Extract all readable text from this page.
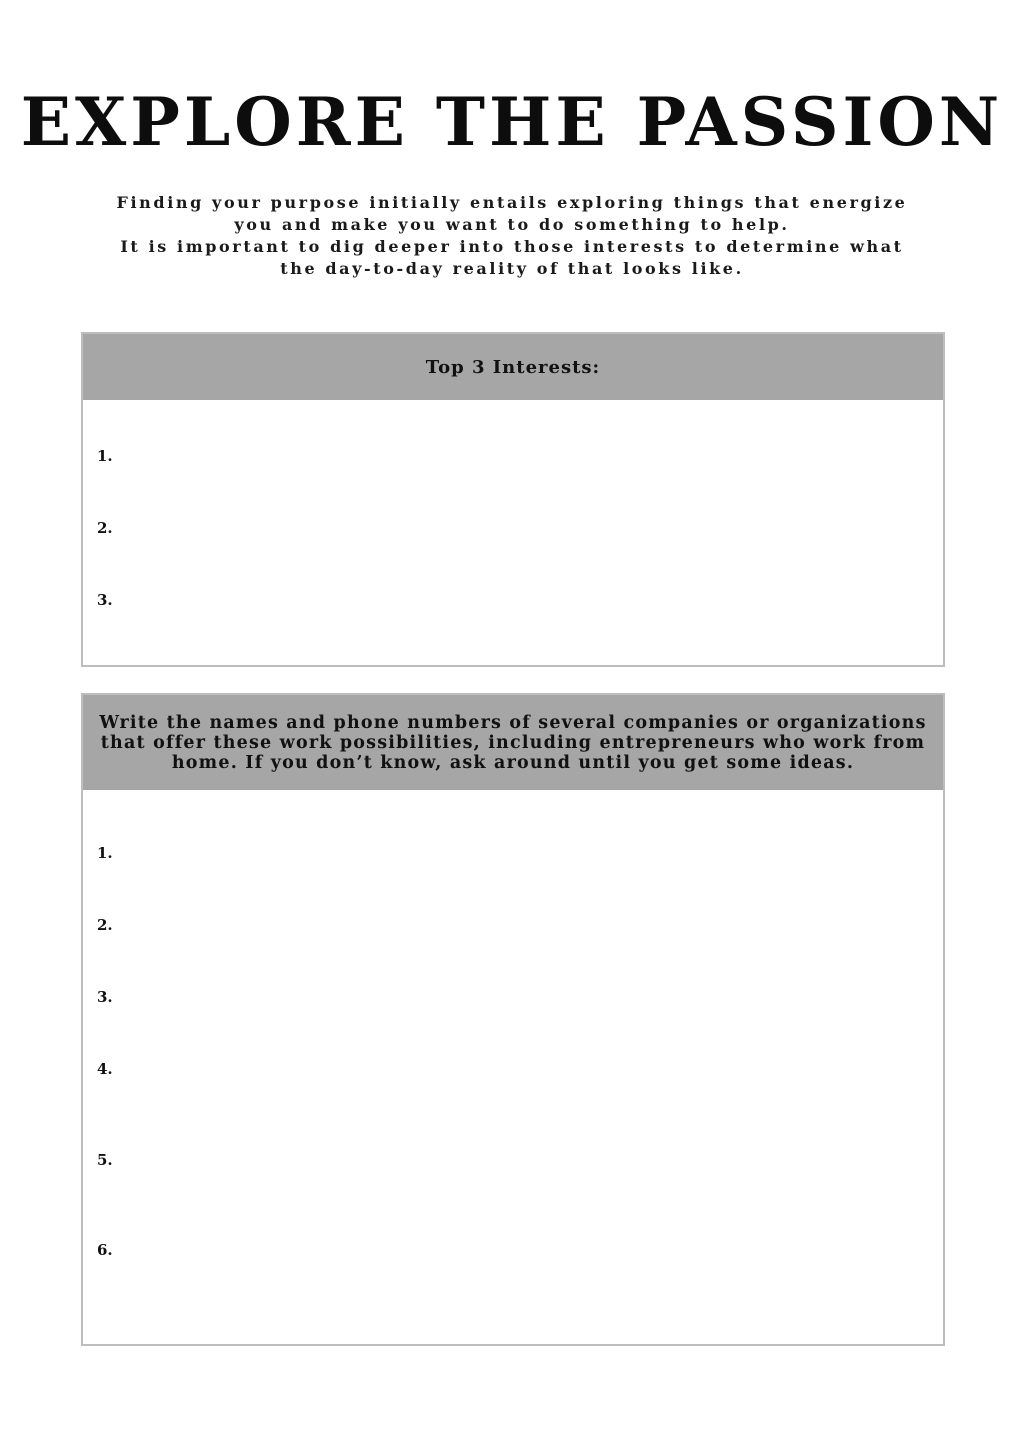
EXPLORE THE PASSION
Finding your purpose initially entails exploring things that energize
you and make you want to do something to help.
It is important to dig deeper into those interests to determine what
the day-to-day reality of that looks like.
Top 3 Interests:
1.
2.
3.
Write the names and phone numbers of several companies or organizations
that offer these work possibilities, including entrepreneurs who work from
home. If you don’t know, ask around until you get some ideas.
1.
2.
3.
4.
5.
6.
